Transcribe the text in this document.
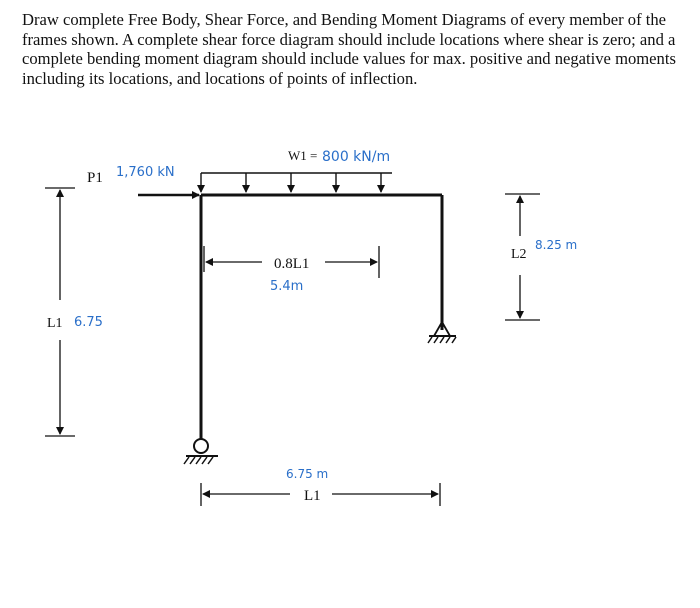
Draw complete Free Body, Shear Force, and Bending Moment Diagrams of every member of the frames shown. A complete shear force diagram should include locations where shear is zero; and a complete bending moment diagram should include values for max. positive and negative moments including its locations, and locations of points of inflection.

W1 = 800 kN/m
P1 1,760 kN
L1 6.75
L2
8.25 m
0.8L1
5.4m
L1
6.75 m
